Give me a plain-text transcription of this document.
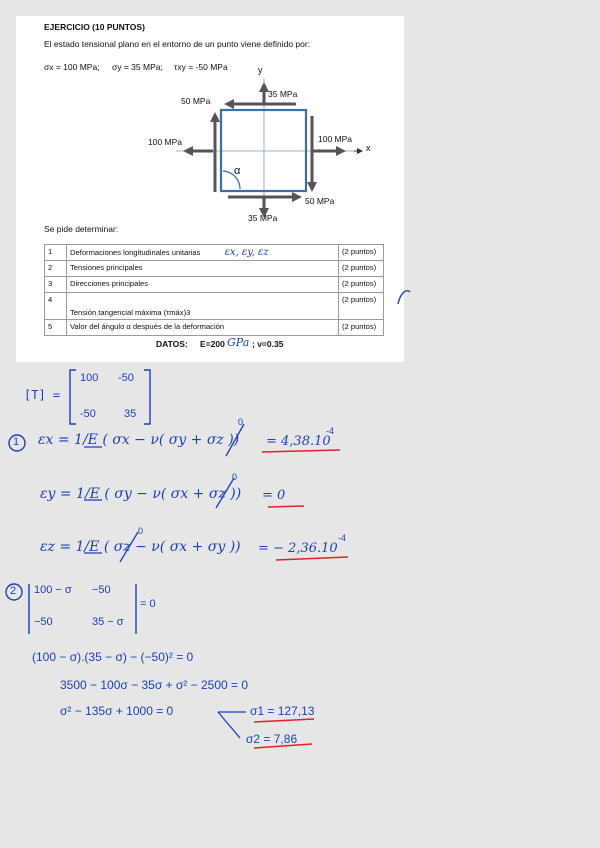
EJERCICIO (10 PUNTOS)
El estado tensional plano en el entorno de un punto viene definido por:
σx = 100 MPa; σy = 35 MPa; τxy = -50 MPa	y
x
50 MPa
35 MPa
100 MPa	100 MPa
50 MPa
35 MPa
α
Se pide determinar:
1	Deformaciones longitudinales unitarias εx, εy, εz	(2 puntos)
2	Tensiones principales	(2 puntos)
3	Direcciones principales	(2 puntos)
4	Tensión tangencial máxima (τmáx)3	(2 puntos)
5	Valor del ángulo α después de la deformación	(2 puntos)
DATOS: E=200 GPa ; ν=0.35
[T] =
100 -50
-50	35
1 εx = 1/E ( σx − ν( σy + σz )) = 4,38.10
-4
0
εy = 1/E ( σy − ν( σx + σz )) = 0
0
εz = 1/E ( σz − ν( σx + σy )) = − 2,36.10
-4
0
2 100 − σ −50
−50	35 − σ
= 0
(100 − σ).(35 − σ) − (−50)² = 0
3500 − 100σ − 35σ + σ² − 2500 = 0
σ² − 135σ + 1000 = 0	σ1 = 127,13
σ2 = 7,86
